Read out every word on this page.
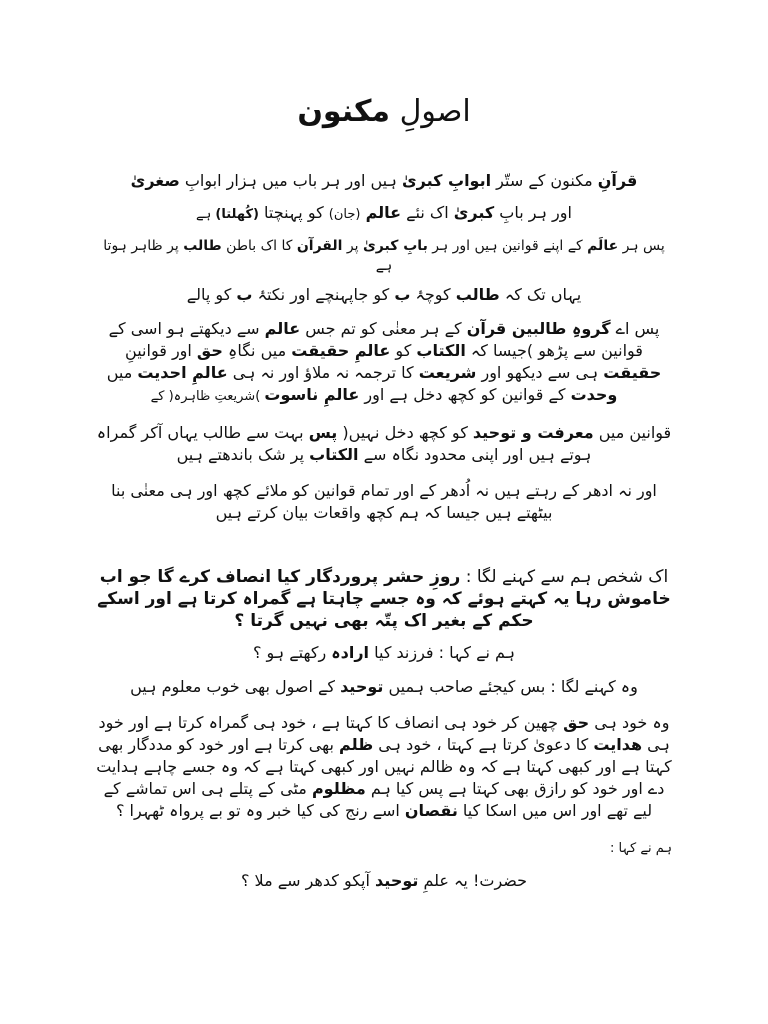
اصولِ مکنون

قرآنِ مکنون کے ستّر ابوابِ کبریٰ ہیں اور ہر باب میں ہزار ابوابِ صغریٰ

اور ہر بابِ کبریٰ اک نئے عالم (جان) کو پہنچتا (کُھلتا) ہے

پس ہر عالَم کے اپنے قوانین ہیں اور ہر بابِ کبریٰ پر القرآن کا اک باطن طالب پر ظاہر ہوتا ہے

یہاں تک کہ طالب کوچۂ ب کو جاپہنچے اور نکتۂ ب کو پالے

پس اے گروہِ طالبین قرآن کے ہر معنٰی کو تم جس عالم سے دیکھتے ہو اسی کے قوانین سے پڑھو )جیسا کہ الکتاب کو عالمِ حقیقت میں نگاہِ حق اور قوانینِ حقیقت ہی سے دیکھو اور شریعت کا ترجمہ نہ ملاؤ اور نہ ہی عالمِ احدیت میں وحدت کے قوانین کو کچھ دخل ہے اور عالمِ ناسوت )شریعتِ ظاہرہ( کے

قوانین میں معرفت و توحید کو کچھ دخل نہیں( پس بہت سے طالب یہاں آکر گمراہ ہوتے ہیں اور اپنی محدود نگاہ سے الکتاب پر شک باندھتے ہیں

اور نہ ادھر کے رہتے ہیں نہ اُدھر کے اور تمام قوانین کو ملائے کچھ اور ہی معنٰی بنا بیٹھتے ہیں جیسا کہ ہم کچھ واقعات بیان کرتے ہیں

اک شخص ہم سے کہنے لگا : روزِ حشر پروردگار کیا انصاف کرے گا جو اب خاموش رہا یہ کہتے ہوئے کہ وہ جسے چاہتا ہے گمراہ کرتا ہے اور اسکے حکم کے بغیر اک پتّہ بھی نہیں گرتا ؟

ہم نے کہا : فرزند کیا ارادہ رکھتے ہو ؟

وہ کہنے لگا : بس کیجئے صاحب ہمیں توحید کے اصول بھی خوب معلوم ہیں

وہ خود ہی حق چھین کر خود ہی انصاف کا کہتا ہے ، خود ہی گمراہ کرتا ہے اور خود ہی ھدایت کا دعویٰ کرتا ہے کہتا ، خود ہی ظلم بھی کرتا ہے اور خود کو مددگار بھی کہتا ہے اور کبھی کہتا ہے کہ وہ ظالم نہیں اور کبھی کہتا ہے کہ وہ جسے چاہے ہدایت دے اور خود کو رازق بھی کہتا ہے پس کیا ہم مظلوم مٹی کے پتلے ہی اس تماشے کے لیے تھے اور اس میں اسکا کیا نقصان اسے رنج کی کیا خبر وہ تو بے پرواہ ٹھہرا ؟

ہم نے کہا :

حضرت! یہ علمِ توحید آپکو کدھر سے ملا ؟
